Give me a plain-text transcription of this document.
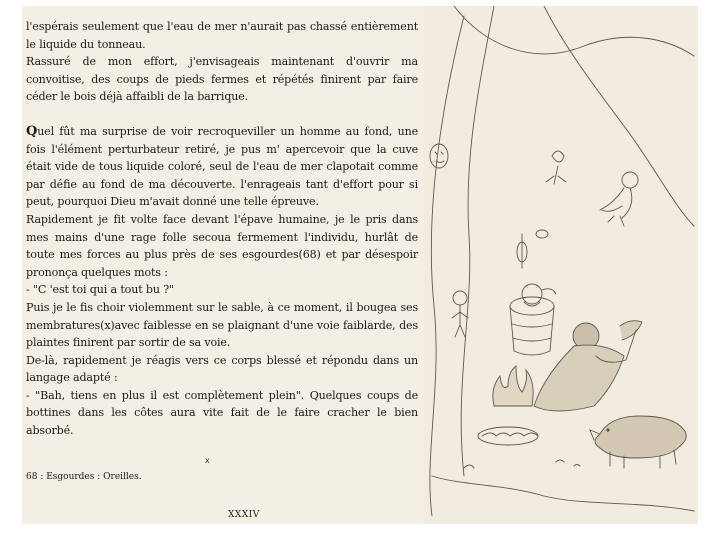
l'espérais seulement que l'eau de mer n'aurait pas chassé entièrement le liquide du tonneau.

Rassuré de mon effort, j'envisageais maintenant d'ouvrir ma convoitise, des coups de pieds fermes et répétés finirent par faire céder le bois déjà affaibli de la barrique.

Quel fût ma surprise de voir recroqueviller un homme au fond, une fois l'élément perturbateur retiré, je pus m' apercevoir que la cuve était vide de tous liquide coloré, seul de l'eau de mer clapotait comme par défie au fond de ma découverte. l'enrageais tant d'effort pour si peut, pourquoi Dieu m'avait donné une telle épreuve.

Rapidement je fit volte face devant l'épave humaine, je le pris dans mes mains d'une rage folle secoua fermement l'individu, hurlât de toute mes forces au plus près de ses esgourdes(68) et par désespoir prononça quelques mots :

- "C 'est toi qui a tout bu ?"

Puis je le fis choir violemment sur le sable, à ce moment, il bougea ses membratures(x)avec faiblesse en se plaignant d'une voie faiblarde, des plaintes finirent par sortir de sa voie.

De-là, rapidement je réagis vers ce corps blessé et répondu dans un langage adapté :

- "Bah, tiens en plus il est complètement plein". Quelques coups de bottines dans les côtes aura vite fait de le faire cracher le bien absorbé.

x
68 : Esgourdes : Oreilles.
XXXIV
